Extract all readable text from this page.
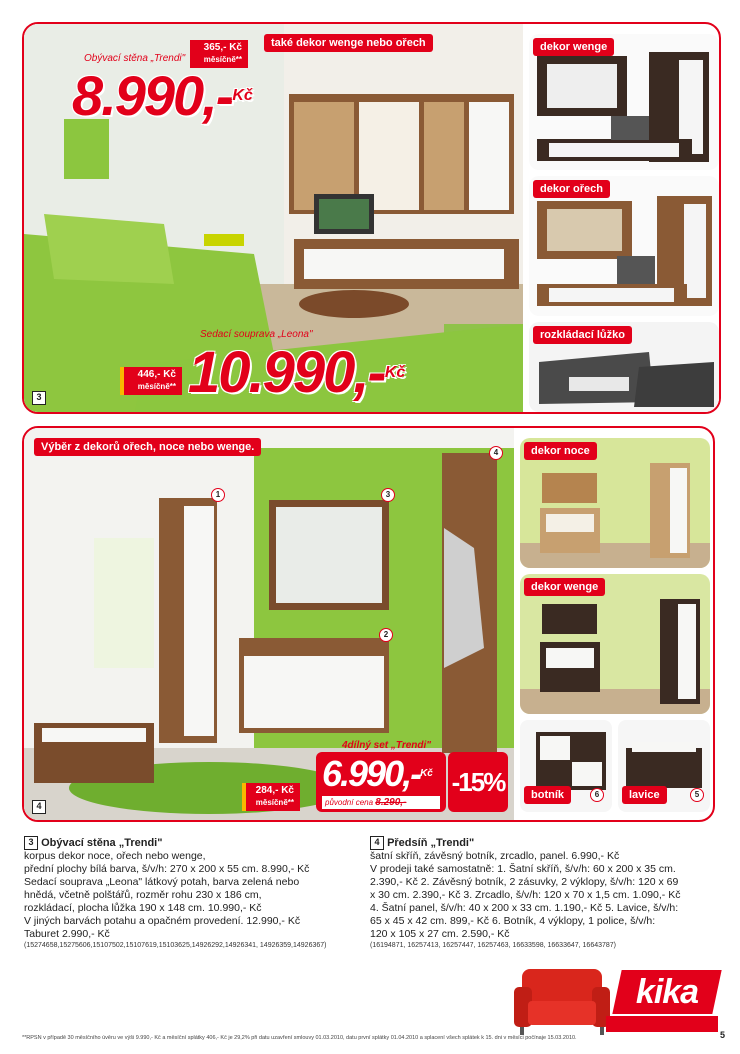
Obývací stěna „Trendi"
365,- Kč
měsíčně**
8.990,-$^{Kč}$
také dekor wenge nebo ořech
Sedací souprava „Leona"
446,- Kč
měsíčně** 10.990,-$^{Kč}$
3
dekor wenge
dekor ořech
rozkládací lůžko
Výběr z dekorů ořech, noce nebo wenge.
1
2
3
4
4dílný set „Trendi"
6.990,-$^{Kč}$
původní cena 8.290,-
-15%
284,- Kč
měsíčně**
4
dekor noce
dekor wenge
botník	6	lavice	5
3 Obývací stěna „Trendi"
korpus dekor noce, ořech nebo wenge,
přední plochy bílá barva, š/v/h: 270 x 200 x 55 cm. 8.990,- Kč
Sedací souprava „Leona" látkový potah, barva zelená nebo
hnědá, včetně polštářů, rozměr rohu 230 x 186 cm,
rozkládací, plocha lůžka 190 x 148 cm. 10.990,- Kč
V jiných barvách potahu a opačném provedení. 12.990,- Kč
Taburet 2.990,- Kč
(15274658,15275606,15107502,15107619,15103625,14926292,14926341, 14926359,14926367)
4 Předsíň „Trendi"
šatní skříň, závěsný botník, zrcadlo, panel. 6.990,- Kč
V prodeji také samostatně: 1. Šatní skříň, š/v/h: 60 x 200 x 35 cm.
2.390,- Kč 2. Závěsný botník, 2 zásuvky, 2 výklopy, š/v/h: 120 x 69
x 30 cm. 2.390,- Kč 3. Zrcadlo, š/v/h: 120 x 70 x 1,5 cm. 1.090,- Kč
4. Šatní panel, š/v/h: 40 x 200 x 33 cm. 1.190,- Kč 5. Lavice, š/v/h:
65 x 45 x 42 cm. 899,- Kč 6. Botník, 4 výklopy, 1 police, š/v/h:
120 x 105 x 27 cm. 2.590,- Kč
(16194871, 16257413, 16257447, 16257463, 16633598, 16633647, 16643787)
kika
**RPSN v případě 30 měsíčního úvěru ve výši 9.990,- Kč a měsíční splátky 406,- Kč je 29,2% při datu uzavření smlouvy 01.03.2010, datu první splátky 01.04.2010 a splacení všech splátek k 15. dni v měsíci počínaje 15.03.2010.	5
